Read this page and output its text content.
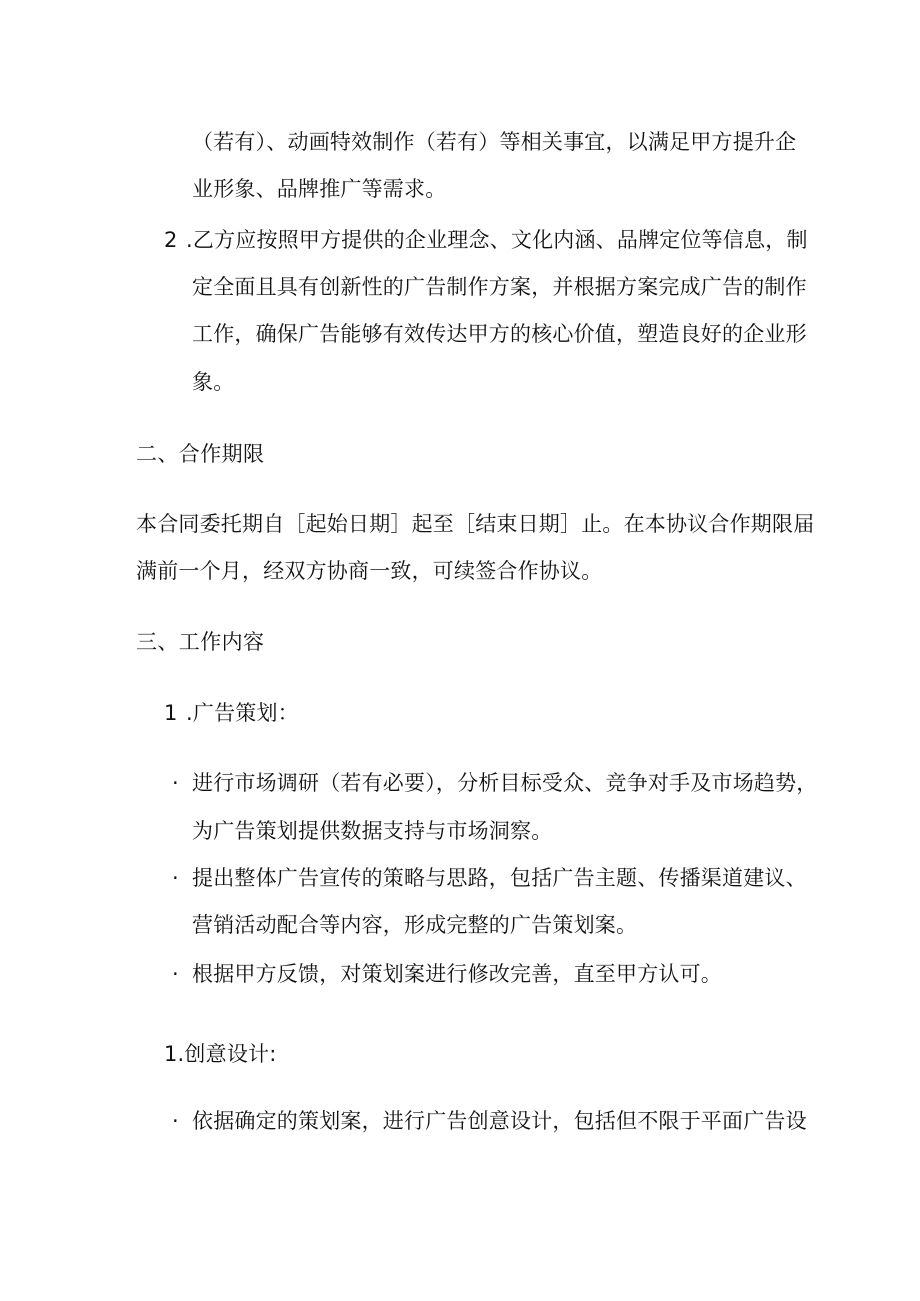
（若有）、动画特效制作（若有）等相关事宜，以满足甲方提升企
业形象、品牌推广等需求。
2 .乙方应按照甲方提供的企业理念、文化内涵、品牌定位等信息，制
定全面且具有创新性的广告制作方案，并根据方案完成广告的制作
工作，确保广告能够有效传达甲方的核心价值，塑造良好的企业形
象。
二、合作期限
本合同委托期自［起始日期］起至［结束日期］止。在本协议合作期限届
满前一个月，经双方协商一致，可续签合作协议。
三、工作内容
1 .广告策划：
· 进行市场调研（若有必要），分析目标受众、竞争对手及市场趋势，
为广告策划提供数据支持与市场洞察。
· 提出整体广告宣传的策略与思路，包括广告主题、传播渠道建议、
营销活动配合等内容，形成完整的广告策划案。
· 根据甲方反馈，对策划案进行修改完善，直至甲方认可。
1.创意设计:
· 依据确定的策划案，进行广告创意设计，包括但不限于平面广告设
